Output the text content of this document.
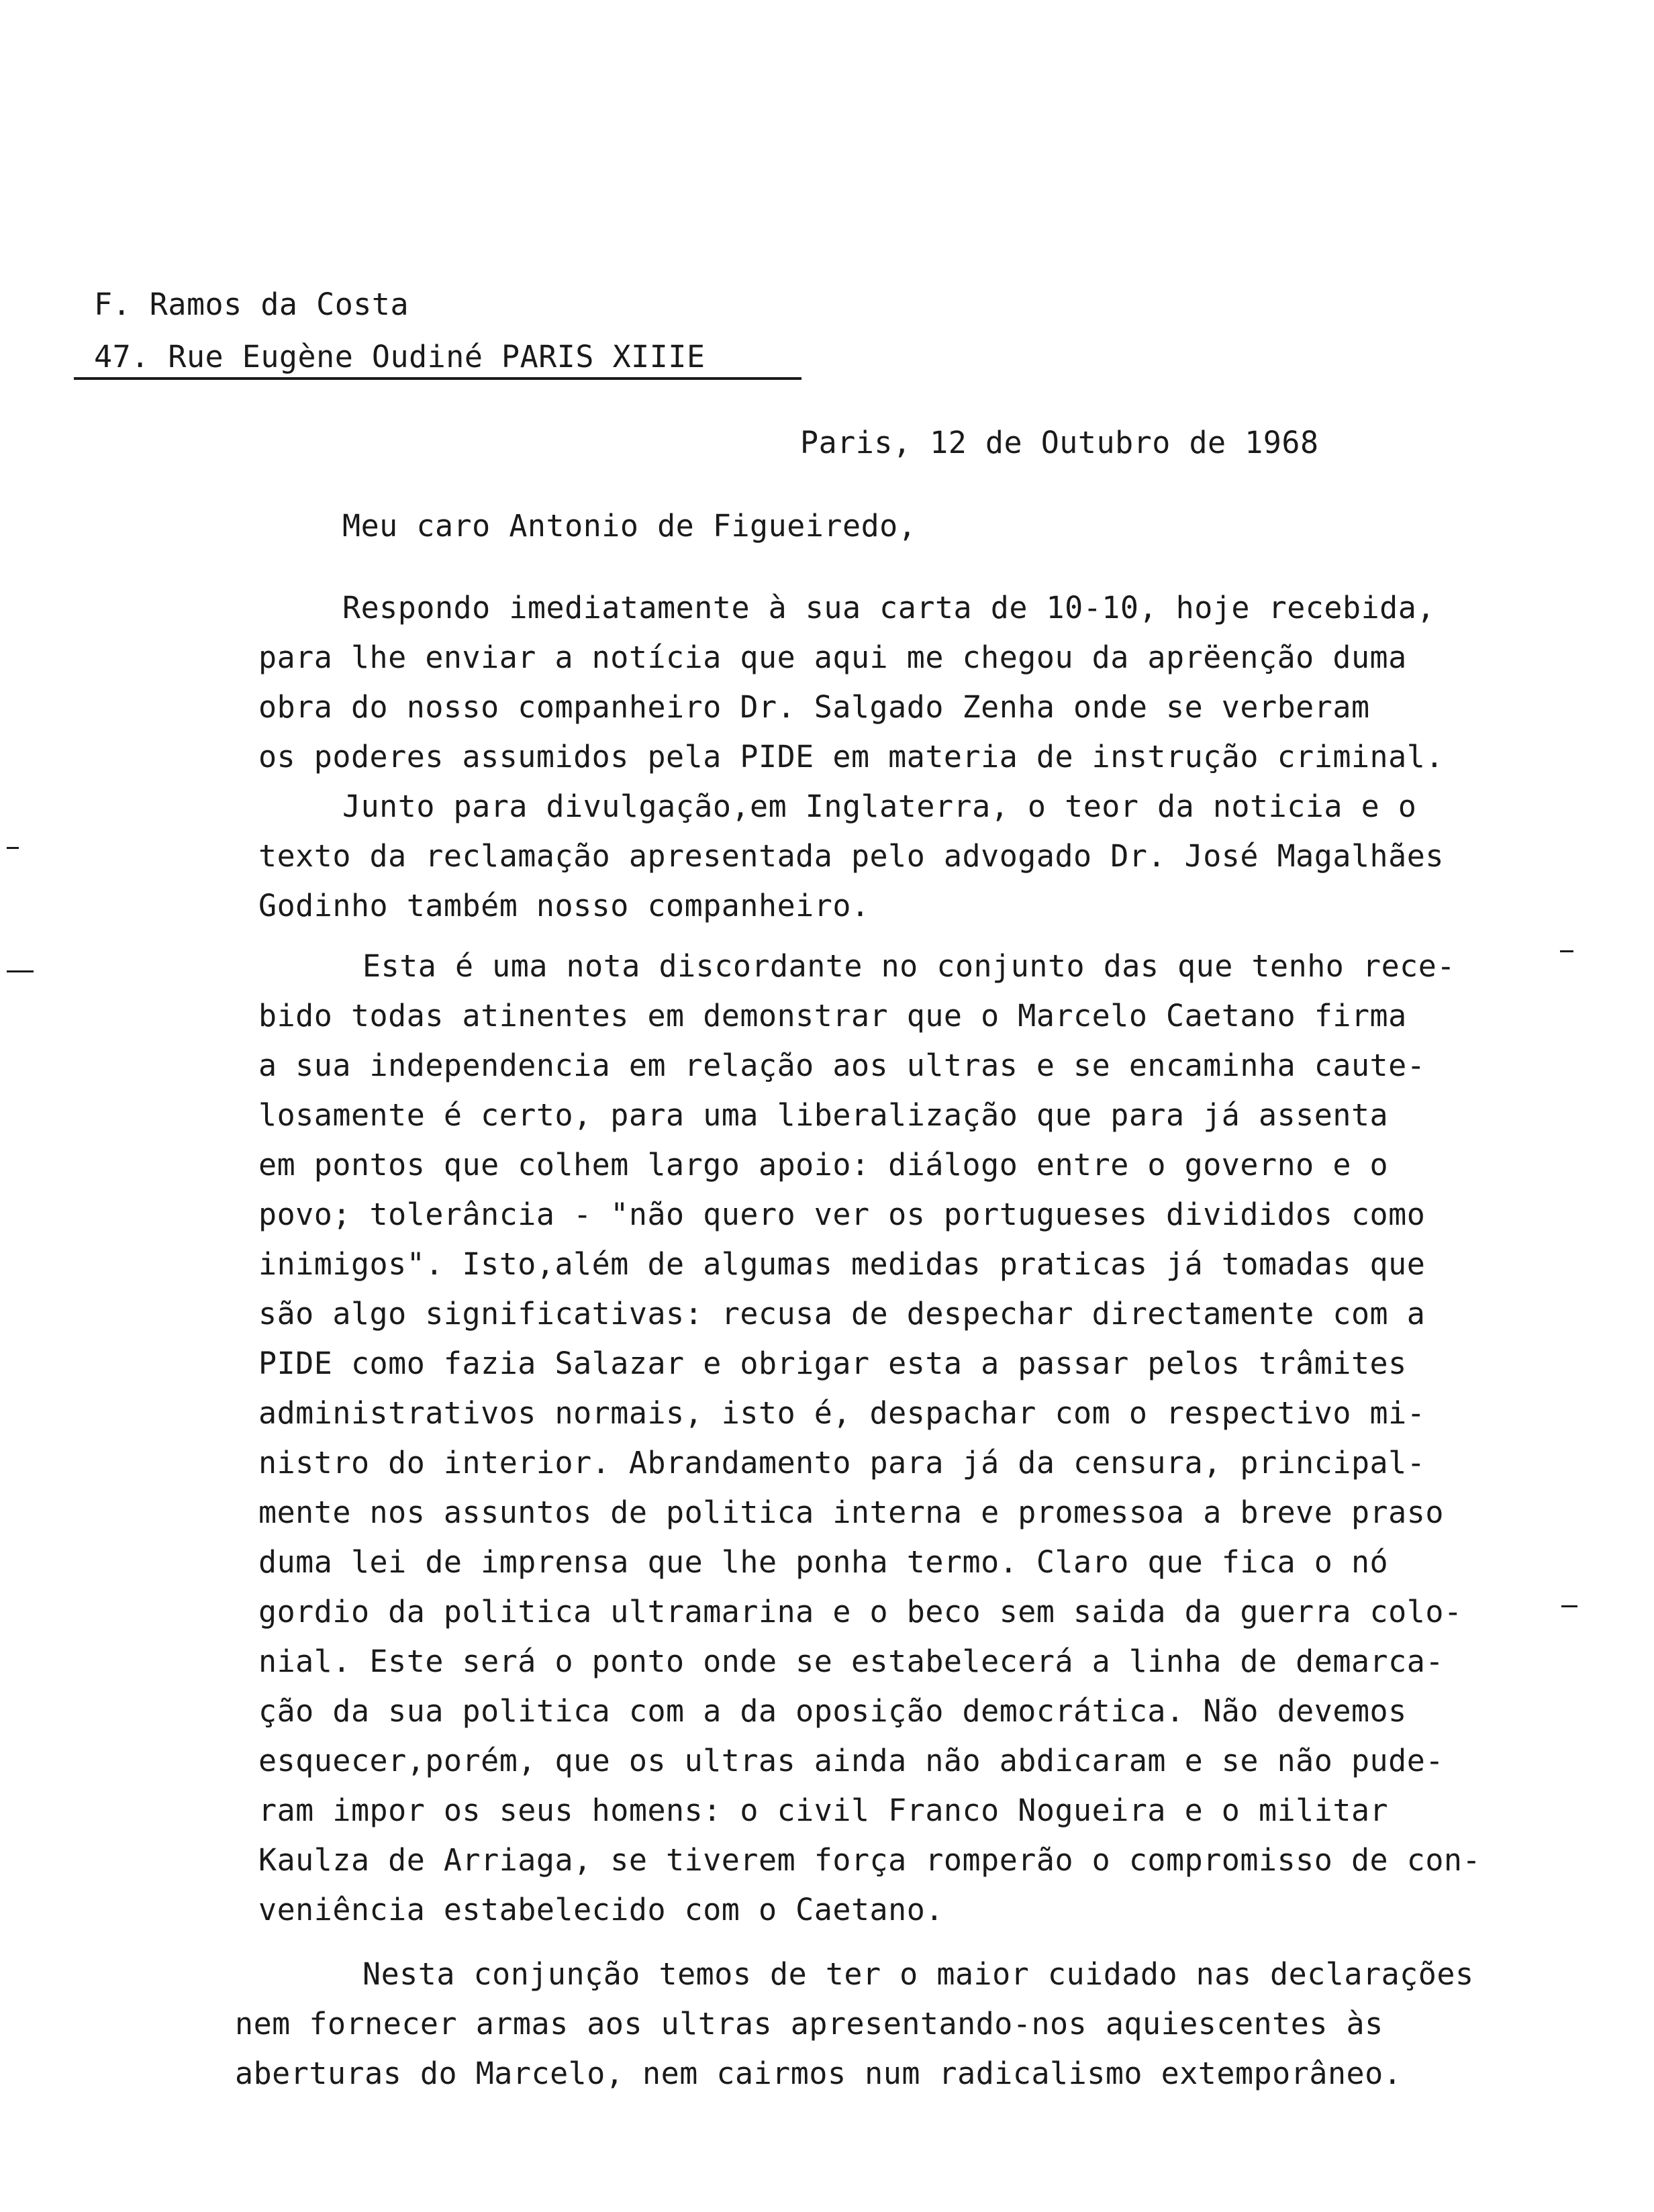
F. Ramos da Costa
47. Rue Eugène Oudiné PARIS XIIIE
Paris, 12 de Outubro de 1968
Meu caro Antonio de Figueiredo,
Respondo imediatamente à sua carta de 10-10, hoje recebida,
para lhe enviar a notícia que aqui me chegou da aprëenção duma
obra do nosso companheiro Dr. Salgado Zenha onde se verberam
os poderes assumidos pela PIDE em materia de instrução criminal.
Junto para divulgação,em Inglaterra, o teor da noticia e o
texto da reclamação apresentada pelo advogado Dr. José Magalhães
Godinho também nosso companheiro.
Esta é uma nota discordante no conjunto das que tenho rece-
bido todas atinentes em demonstrar que o Marcelo Caetano firma
a sua independencia em relação aos ultras e se encaminha caute-
losamente é certo, para uma liberalização que para já assenta
em pontos que colhem largo apoio: diálogo entre o governo e o
povo; tolerância - "não quero ver os portugueses divididos como
inimigos". Isto,além de algumas medidas praticas já tomadas que
são algo significativas: recusa de despechar directamente com a
PIDE como fazia Salazar e obrigar esta a passar pelos trâmites
administrativos normais, isto é, despachar com o respectivo mi-
nistro do interior. Abrandamento para já da censura, principal-
mente nos assuntos de politica interna e promessoa a breve praso
duma lei de imprensa que lhe ponha termo. Claro que fica o nó
gordio da politica ultramarina e o beco sem saida da guerra colo-
nial. Este será o ponto onde se estabelecerá a linha de demarca-
ção da sua politica com a da oposição democrática. Não devemos
esquecer,porém, que os ultras ainda não abdicaram e se não pude-
ram impor os seus homens: o civil Franco Nogueira e o militar
Kaulza de Arriaga, se tiverem força romperão o compromisso de con-
veniência estabelecido com o Caetano.
Nesta conjunção temos de ter o maior cuidado nas declarações
nem fornecer armas aos ultras apresentando-nos aquiescentes às
aberturas do Marcelo, nem cairmos num radicalismo extemporâneo.
